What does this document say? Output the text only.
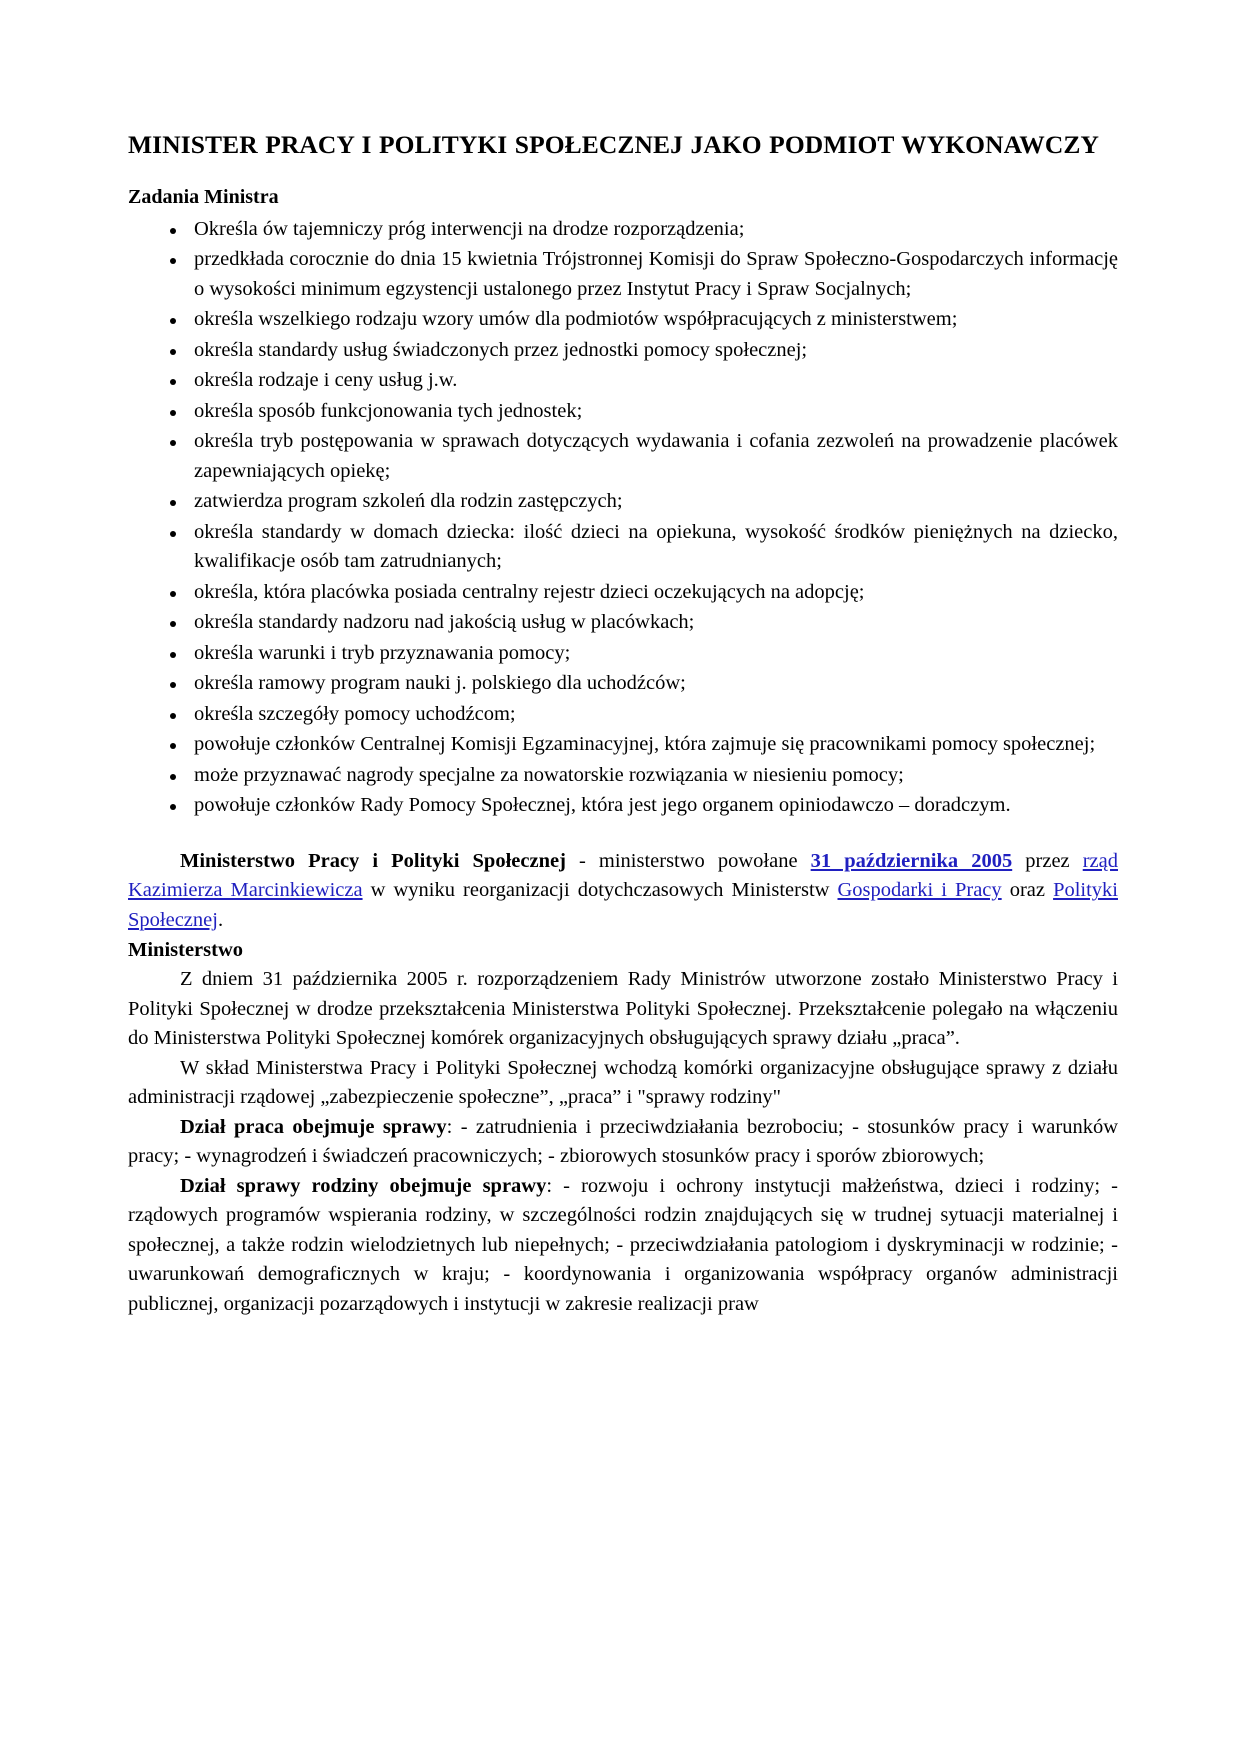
MINISTER PRACY I POLITYKI SPOŁECZNEJ JAKO PODMIOT WYKONAWCZY
Zadania Ministra
Określa ów tajemniczy próg interwencji na drodze rozporządzenia;
przedkłada corocznie do dnia 15 kwietnia Trójstronnej Komisji do Spraw Społeczno-Gospodarczych informację o wysokości minimum egzystencji ustalonego przez Instytut Pracy i Spraw Socjalnych;
określa wszelkiego rodzaju wzory umów dla podmiotów współpracujących z ministerstwem;
określa standardy usług świadczonych przez jednostki pomocy społecznej;
określa rodzaje i ceny usług j.w.
określa sposób funkcjonowania tych jednostek;
określa tryb postępowania w sprawach dotyczących wydawania i cofania zezwoleń na prowadzenie placówek zapewniających opiekę;
zatwierdza program szkoleń dla rodzin zastępczych;
określa standardy w domach dziecka: ilość dzieci na opiekuna, wysokość środków pieniężnych na dziecko, kwalifikacje osób tam zatrudnianych;
określa, która placówka posiada centralny rejestr dzieci oczekujących na adopcję;
określa standardy nadzoru nad jakością usług w placówkach;
określa warunki i tryb przyznawania pomocy;
określa ramowy program nauki j. polskiego dla uchodźców;
określa szczegóły pomocy uchodźcom;
powołuje członków Centralnej Komisji Egzaminacyjnej, która zajmuje się pracownikami pomocy społecznej;
może przyznawać nagrody specjalne za nowatorskie rozwiązania w niesieniu pomocy;
powołuje członków Rady Pomocy Społecznej, która jest jego organem opiniodawczo – doradczym.

Ministerstwo Pracy i Polityki Społecznej - ministerstwo powołane 31 października 2005 przez rząd Kazimierza Marcinkiewicza w wyniku reorganizacji dotychczasowych Ministerstw Gospodarki i Pracy oraz Polityki Społecznej.

Ministerstwo

Z dniem 31 października 2005 r. rozporządzeniem Rady Ministrów utworzone zostało Ministerstwo Pracy i Polityki Społecznej w drodze przekształcenia Ministerstwa Polityki Społecznej. Przekształcenie polegało na włączeniu do Ministerstwa Polityki Społecznej komórek organizacyjnych obsługujących sprawy działu „praca”.

W skład Ministerstwa Pracy i Polityki Społecznej wchodzą komórki organizacyjne obsługujące sprawy z działu administracji rządowej „zabezpieczenie społeczne”, „praca” i "sprawy rodziny"

Dział praca obejmuje sprawy: - zatrudnienia i przeciwdziałania bezrobociu; - stosunków pracy i warunków pracy; - wynagrodzeń i świadczeń pracowniczych; - zbiorowych stosunków pracy i sporów zbiorowych;

Dział sprawy rodziny obejmuje sprawy: - rozwoju i ochrony instytucji małżeństwa, dzieci i rodziny; - rządowych programów wspierania rodziny, w szczególności rodzin znajdujących się w trudnej sytuacji materialnej i społecznej, a także rodzin wielodzietnych lub niepełnych; - przeciwdziałania patologiom i dyskryminacji w rodzinie; - uwarunkowań demograficznych w kraju; - koordynowania i organizowania współpracy organów administracji publicznej, organizacji pozarządowych i instytucji w zakresie realizacji praw
